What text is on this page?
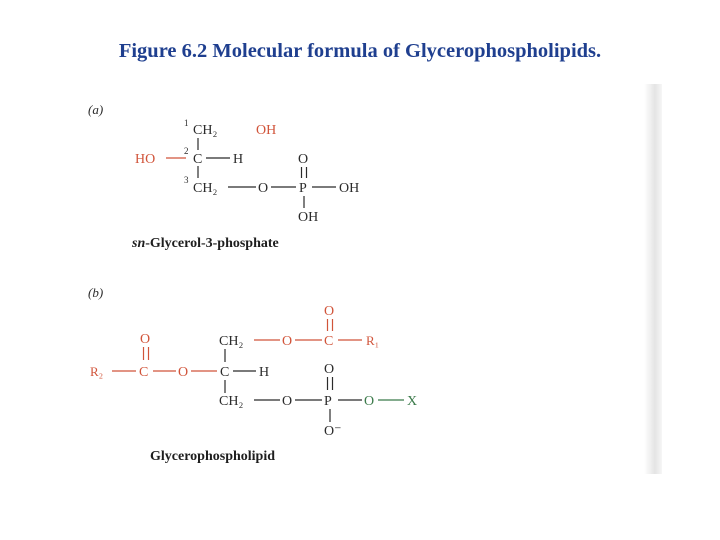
Figure 6.2 Molecular formula of Glycerophospholipids.
(a)
1 CH₂	OH
HO
2
C H	O
3
CH₂	O P OH
OH
sn-Glycerol-3-phosphate
(b)
O
CH₂	O C	R₁
O
O
R₂	C O C H
CH₂	O P O X
O⁻
Glycerophospholipid
